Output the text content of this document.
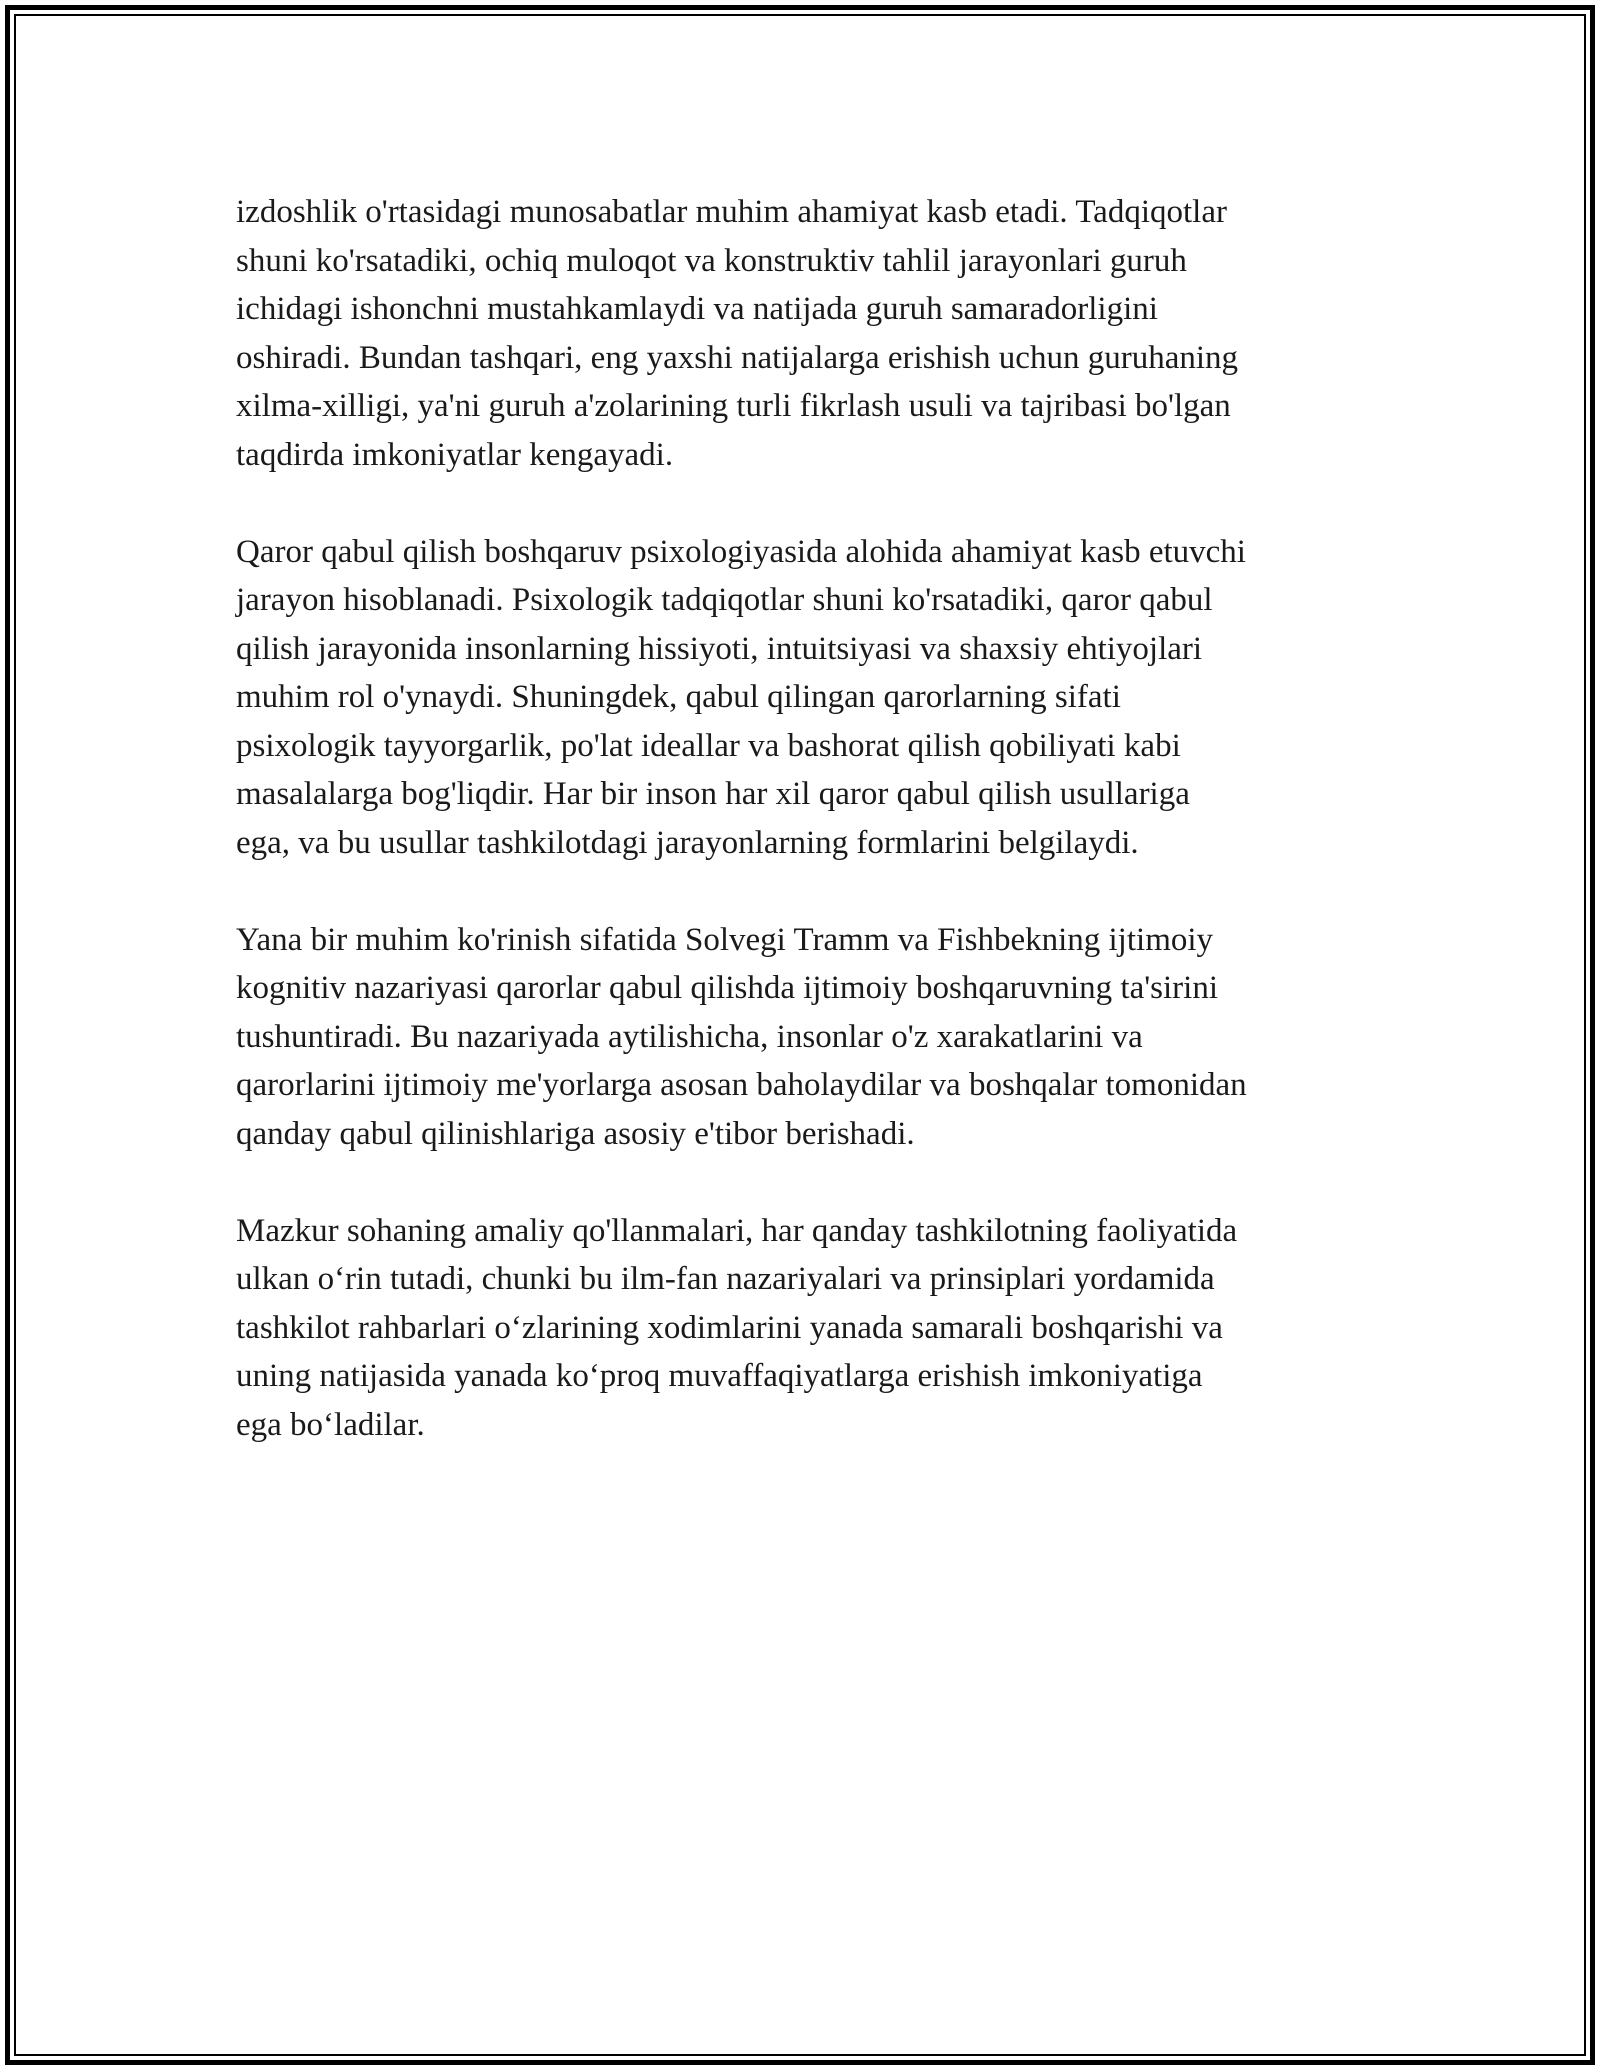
izdoshlik o'rtasidagi munosabatlar muhim ahamiyat kasb etadi. Tadqiqotlar
shuni ko'rsatadiki, ochiq muloqot va konstruktiv tahlil jarayonlari guruh
ichidagi ishonchni mustahkamlaydi va natijada guruh samaradorligini
oshiradi. Bundan tashqari, eng yaxshi natijalarga erishish uchun guruhaning
xilma-xilligi, ya'ni guruh a'zolarining turli fikrlash usuli va tajribasi bo'lgan
taqdirda imkoniyatlar kengayadi.

Qaror qabul qilish boshqaruv psixologiyasida alohida ahamiyat kasb etuvchi
jarayon hisoblanadi. Psixologik tadqiqotlar shuni ko'rsatadiki, qaror qabul
qilish jarayonida insonlarning hissiyoti, intuitsiyasi va shaxsiy ehtiyojlari
muhim rol o'ynaydi. Shuningdek, qabul qilingan qarorlarning sifati
psixologik tayyorgarlik, po'lat ideallar va bashorat qilish qobiliyati kabi
masalalarga bog'liqdir. Har bir inson har xil qaror qabul qilish usullariga
ega, va bu usullar tashkilotdagi jarayonlarning formlarini belgilaydi.

Yana bir muhim ko'rinish sifatida Solvegi Tramm va Fishbekning ijtimoiy
kognitiv nazariyasi qarorlar qabul qilishda ijtimoiy boshqaruvning ta'sirini
tushuntiradi. Bu nazariyada aytilishicha, insonlar o'z xarakatlarini va
qarorlarini ijtimoiy me'yorlarga asosan baholaydilar va boshqalar tomonidan
qanday qabul qilinishlariga asosiy e'tibor berishadi.

Mazkur sohaning amaliy qo'llanmalari, har qanday tashkilotning faoliyatida
ulkan o‘rin tutadi, chunki bu ilm-fan nazariyalari va prinsiplari yordamida
tashkilot rahbarlari o‘zlarining xodimlarini yanada samarali boshqarishi va
uning natijasida yanada ko‘proq muvaffaqiyatlarga erishish imkoniyatiga
ega bo‘ladilar.
